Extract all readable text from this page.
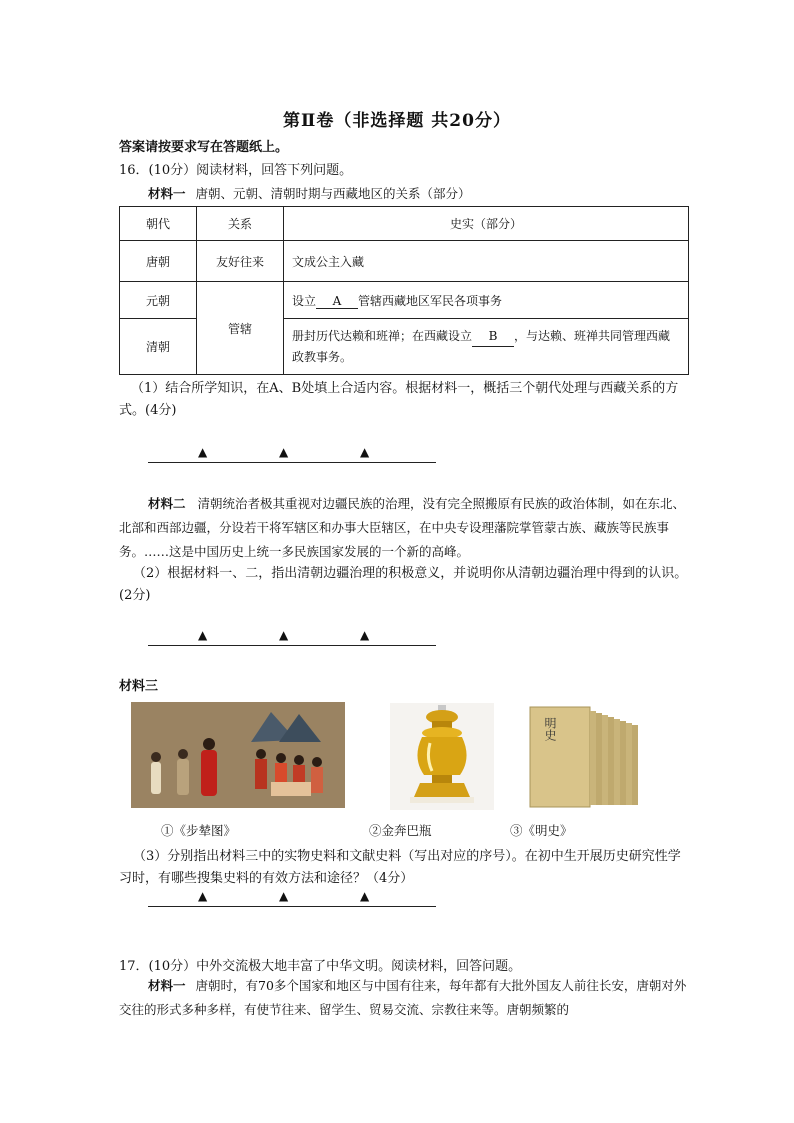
第Ⅱ卷（非选择题 共20分）
答案请按要求写在答题纸上。
16．(10分）阅读材料，回答下列问题。
材料一 唐朝、元朝、清朝时期与西藏地区的关系（部分）
朝代	关系	史实（部分）
唐朝	友好往来	文成公主入藏
元朝	管辖	设立 A 管辖西藏地区军民各项事务
清朝		册封历代达赖和班禅；在西藏设立 B ，与达赖、班禅共同管理西藏政教事务。
（1）结合所学知识，在A、B处填上合适内容。根据材料一，概括三个朝代处理与西藏关系的方式。(4分)
▲	▲	▲
材料二 清朝统治者极其重视对边疆民族的治理，没有完全照搬原有民族的政治体制，如在东北、北部和西部边疆，分设若干将军辖区和办事大臣辖区，在中央专设理藩院掌管蒙古族、藏族等民族事务。……这是中国历史上统一多民族国家发展的一个新的高峰。
（2）根据材料一、二，指出清朝边疆治理的积极意义，并说明你从清朝边疆治理中得到的认识。(2分)
▲	▲	▲
材料三
明史
①《步辇图》	②金奔巴瓶	③《明史》
（3）分别指出材料三中的实物史料和文献史料（写出对应的序号）。在初中生开展历史研究性学习时，有哪些搜集史料的有效方法和途径？（4分）
▲	▲	▲
17．(10分）中外交流极大地丰富了中华文明。阅读材料，回答问题。
材料一 唐朝时，有70多个国家和地区与中国有往来，每年都有大批外国友人前往长安，唐朝对外交往的形式多种多样，有使节往来、留学生、贸易交流、宗教往来等。唐朝频繁的
